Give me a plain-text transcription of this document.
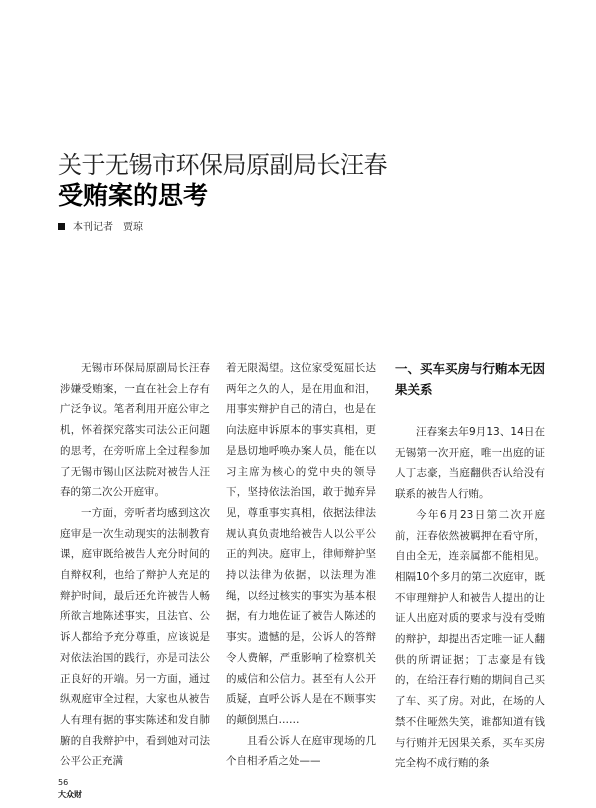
关于无锡市环保局原副局长汪春
受贿案的思考
本刊记者 贾琼

无锡市环保局原副局长汪春涉嫌受贿案，一直在社会上存有广泛争议。笔者利用开庭公审之机，怀着探究落实司法公正问题的思考，在旁听席上全过程参加了无锡市锡山区法院对被告人汪春的第二次公开庭审。

一方面，旁听者均感到这次庭审是一次生动现实的法制教育课，庭审既给被告人充分时间的自辩权利，也给了辩护人充足的辩护时间，最后还允许被告人畅所欲言地陈述事实，且法官、公诉人都给予充分尊重，应该说是对依法治国的践行，亦是司法公正良好的开端。另一方面，通过纵观庭审全过程，大家也从被告人有理有据的事实陈述和发自肺腑的自我辩护中，看到她对司法公平公正充满

着无限渴望。这位家受冤屈长达两年之久的人，是在用血和泪，用事实辩护自己的清白，也是在向法庭申诉原本的事实真相，更是恳切地呼唤办案人员，能在以习主席为核心的党中央的领导下，坚持依法治国，敢于抛弃异见，尊重事实真相，依据法律法规认真负责地给被告人以公平公正的判决。庭审上，律师辩护坚持以法律为依据，以法理为准绳，以经过核实的事实为基本根据，有力地佐证了被告人陈述的事实。遗憾的是，公诉人的答辩令人费解，严重影响了检察机关的威信和公信力。甚至有人公开质疑，直呼公诉人是在不顾事实的颠倒黑白……

且看公诉人在庭审现场的几个自相矛盾之处——

一、买车买房与行贿本无因果关系

汪春案去年9月13、14日在无锡第一次开庭，唯一出庭的证人丁志豪，当庭翻供否认给没有联系的被告人行贿。

今年6月23日第二次开庭前，汪春依然被羁押在看守所，自由全无，连亲属都不能相见。相隔10个多月的第二次庭审，既不审理辩护人和被告人提出的让证人出庭对质的要求与没有受贿的辩护，却提出否定唯一证人翻供的所谓证据；丁志豪是有钱的，在给汪春行贿的期间自己买了车、买了房。对此，在场的人禁不住哑然失笑，谁都知道有钱与行贿并无因果关系，买车买房完全构不成行贿的条

56
大众财
